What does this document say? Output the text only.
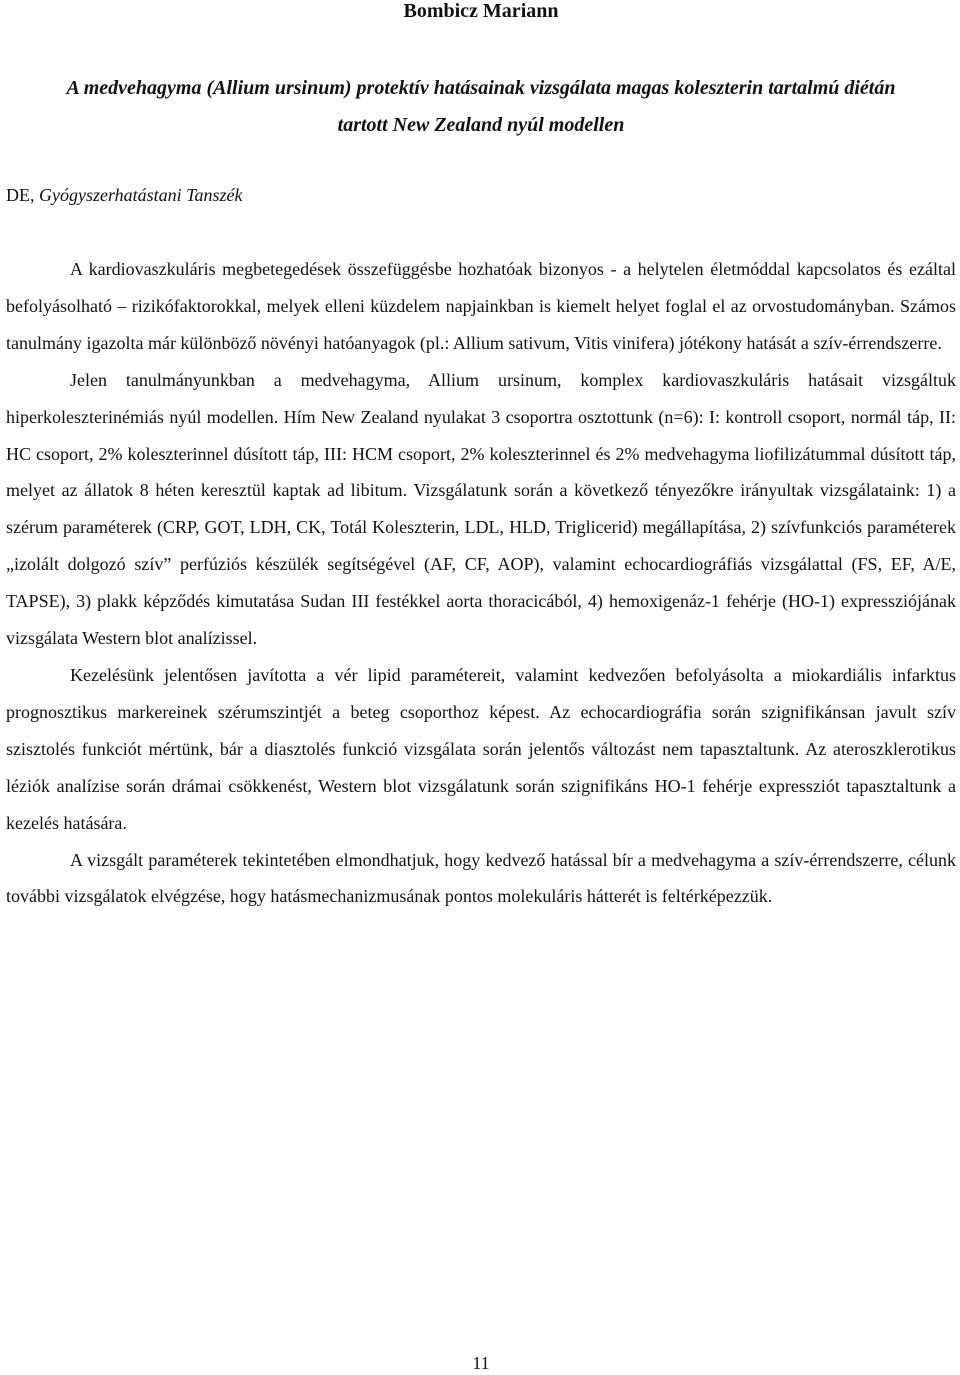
Bombicz Mariann
A medvehagyma (Allium ursinum) protektív hatásainak vizsgálata magas koleszterin tartalmú diétán
tartott New Zealand nyúl modellen
DE, Gyógyszerhatástani Tanszék

A kardiovaszkuláris megbetegedések összefüggésbe hozhatóak bizonyos - a helytelen életmóddal kapcsolatos és ezáltal befolyásolható – rizikófaktorokkal, melyek elleni küzdelem napjainkban is kiemelt helyet foglal el az orvostudományban. Számos tanulmány igazolta már különböző növényi hatóanyagok (pl.: Allium sativum, Vitis vinifera) jótékony hatását a szív-érrendszerre.

Jelen tanulmányunkban a medvehagyma, Allium ursinum, komplex kardiovaszkuláris hatásait vizsgáltuk hiperkoleszterinémiás nyúl modellen. Hím New Zealand nyulakat 3 csoportra osztottunk (n=6): I: kontroll csoport, normál táp, II: HC csoport, 2% koleszterinnel dúsított táp, III: HCM csoport, 2% koleszterinnel és 2% medvehagyma liofilizátummal dúsított táp, melyet az állatok 8 héten keresztül kaptak ad libitum. Vizsgálatunk során a következő tényezőkre irányultak vizsgálataink: 1) a szérum paraméterek (CRP, GOT, LDH, CK, Totál Koleszterin, LDL, HLD, Triglicerid) megállapítása, 2) szívfunkciós paraméterek „izolált dolgozó szív” perfúziós készülék segítségével (AF, CF, AOP), valamint echocardiográfiás vizsgálattal (FS, EF, A/E, TAPSE), 3) plakk képződés kimutatása Sudan III festékkel aorta thoracicából, 4) hemoxigenáz-1 fehérje (HO-1) expressziójának vizsgálata Western blot analízissel.

Kezelésünk jelentősen javította a vér lipid paramétereit, valamint kedvezően befolyásolta a miokardiális infarktus prognosztikus markereinek szérumszintjét a beteg csoporthoz képest. Az echocardiográfia során szignifikánsan javult szív szisztolés funkciót mértünk, bár a diasztolés funkció vizsgálata során jelentős változást nem tapasztaltunk. Az ateroszklerotikus léziók analízise során drámai csökkenést, Western blot vizsgálatunk során szignifikáns HO-1 fehérje expressziót tapasztaltunk a kezelés hatására.

A vizsgált paraméterek tekintetében elmondhatjuk, hogy kedvező hatással bír a medvehagyma a szív-érrendszerre, célunk további vizsgálatok elvégzése, hogy hatásmechanizmusának pontos molekuláris hátterét is feltérképezzük.

11
